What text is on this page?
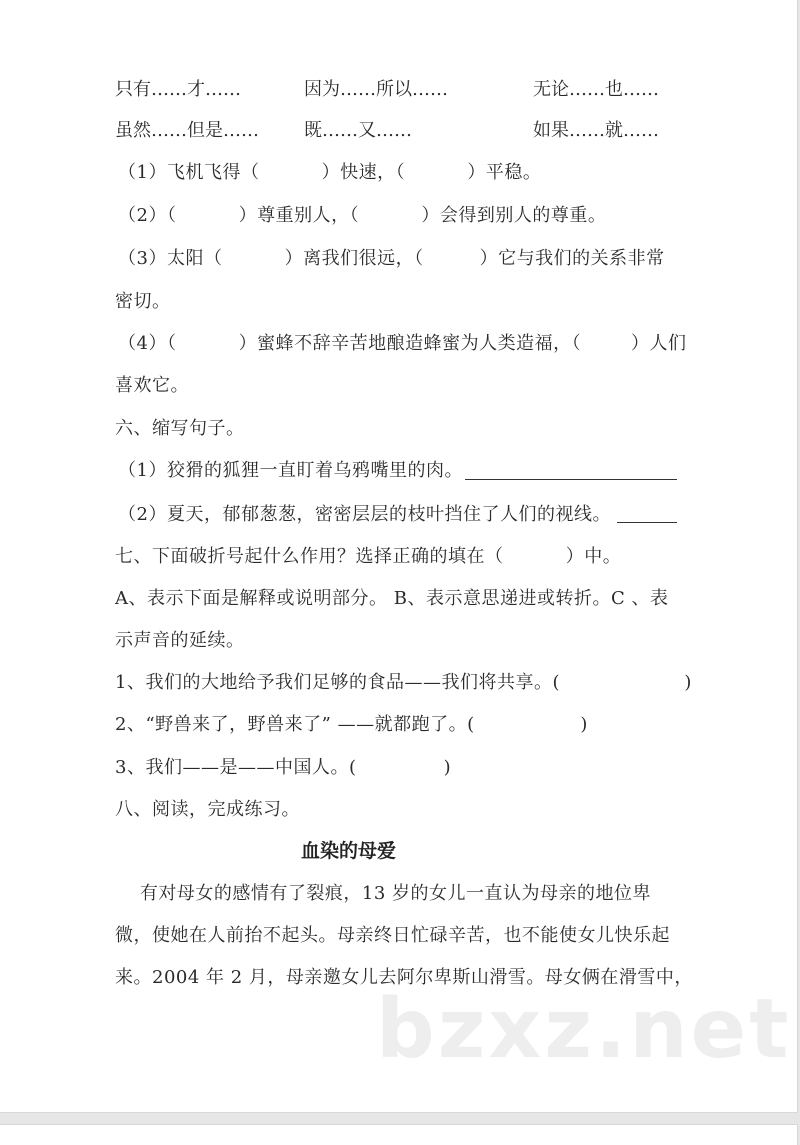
只有……才……	因为……所以……	无论……也……
虽然……但是……	既……又……	如果……就……
（1）飞机飞得（          ）快速，（          ）平稳。
（2）（          ）尊重别人，（          ）会得到别人的尊重。
（3）太阳（          ）离我们很远，（         ）它与我们的关系非常
密切。
（4）（          ）蜜蜂不辞辛苦地酿造蜂蜜为人类造福，（        ）人们
喜欢它。
六、缩写句子。
（1）狡猾的狐狸一直盯着乌鸦嘴里的肉。
（2）夏天，郁郁葱葱，密密层层的枝叶挡住了人们的视线。
七、下面破折号起什么作用？选择正确的填在（          ）中。
A、表示下面是解释或说明部分。 B、表示意思递进或转折。C 、表
示声音的延续。
1、我们的大地给予我们足够的食品——我们将共享。(                    )
2、“野兽来了，野兽来了” ——就都跑了。(                 )
3、我们——是——中国人。(              )
八、阅读，完成练习。
血染的母爱
有对母女的感情有了裂痕，13 岁的女儿一直认为母亲的地位卑
微，使她在人前抬不起头。母亲终日忙碌辛苦，也不能使女儿快乐起
来。2004 年 2 月，母亲邀女儿去阿尔卑斯山滑雪。母女俩在滑雪中，
bzxz.net
